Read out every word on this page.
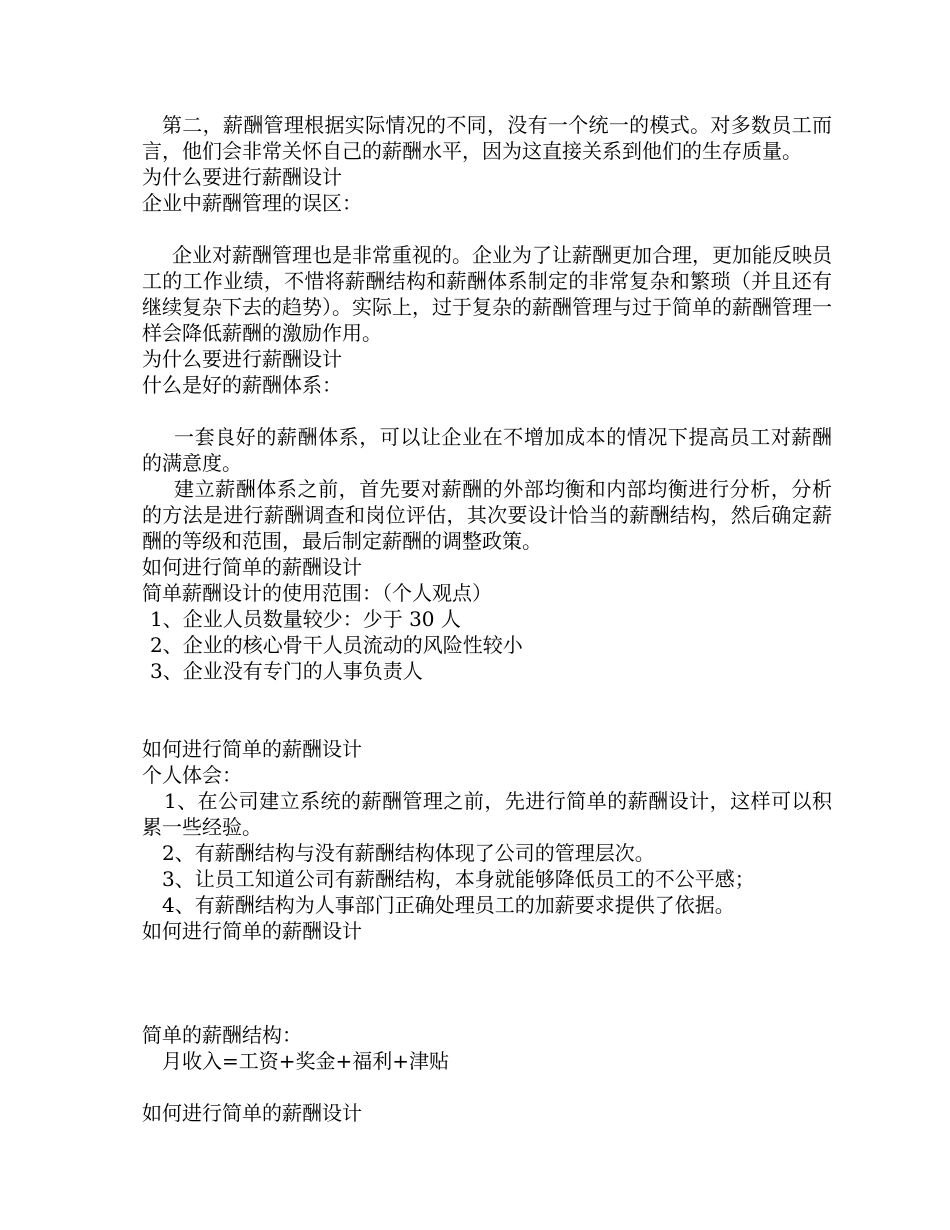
第二，薪酬管理根据实际情况的不同，没有一个统一的模式。对多数员工而言，他们会非常关怀自己的薪酬水平，因为这直接关系到他们的生存质量。
为什么要进行薪酬设计
企业中薪酬管理的误区：
企业对薪酬管理也是非常重视的。企业为了让薪酬更加合理，更加能反映员工的工作业绩，不惜将薪酬结构和薪酬体系制定的非常复杂和繁琐（并且还有继续复杂下去的趋势）。实际上，过于复杂的薪酬管理与过于简单的薪酬管理一样会降低薪酬的激励作用。
为什么要进行薪酬设计
什么是好的薪酬体系：
一套良好的薪酬体系，可以让企业在不增加成本的情况下提高员工对薪酬的满意度。
建立薪酬体系之前，首先要对薪酬的外部均衡和内部均衡进行分析，分析的方法是进行薪酬调查和岗位评估，其次要设计恰当的薪酬结构，然后确定薪酬的等级和范围，最后制定薪酬的调整政策。
如何进行简单的薪酬设计
简单薪酬设计的使用范围：（个人观点）
1、企业人员数量较少：少于 30 人
2、企业的核心骨干人员流动的风险性较小
3、企业没有专门的人事负责人
如何进行简单的薪酬设计
个人体会：
1、在公司建立系统的薪酬管理之前，先进行简单的薪酬设计，这样可以积累一些经验。
2、有薪酬结构与没有薪酬结构体现了公司的管理层次。
3、让员工知道公司有薪酬结构，本身就能够降低员工的不公平感；
4、有薪酬结构为人事部门正确处理员工的加薪要求提供了依据。
如何进行简单的薪酬设计
简单的薪酬结构：
月收入=工资+奖金+福利+津贴
如何进行简单的薪酬设计
